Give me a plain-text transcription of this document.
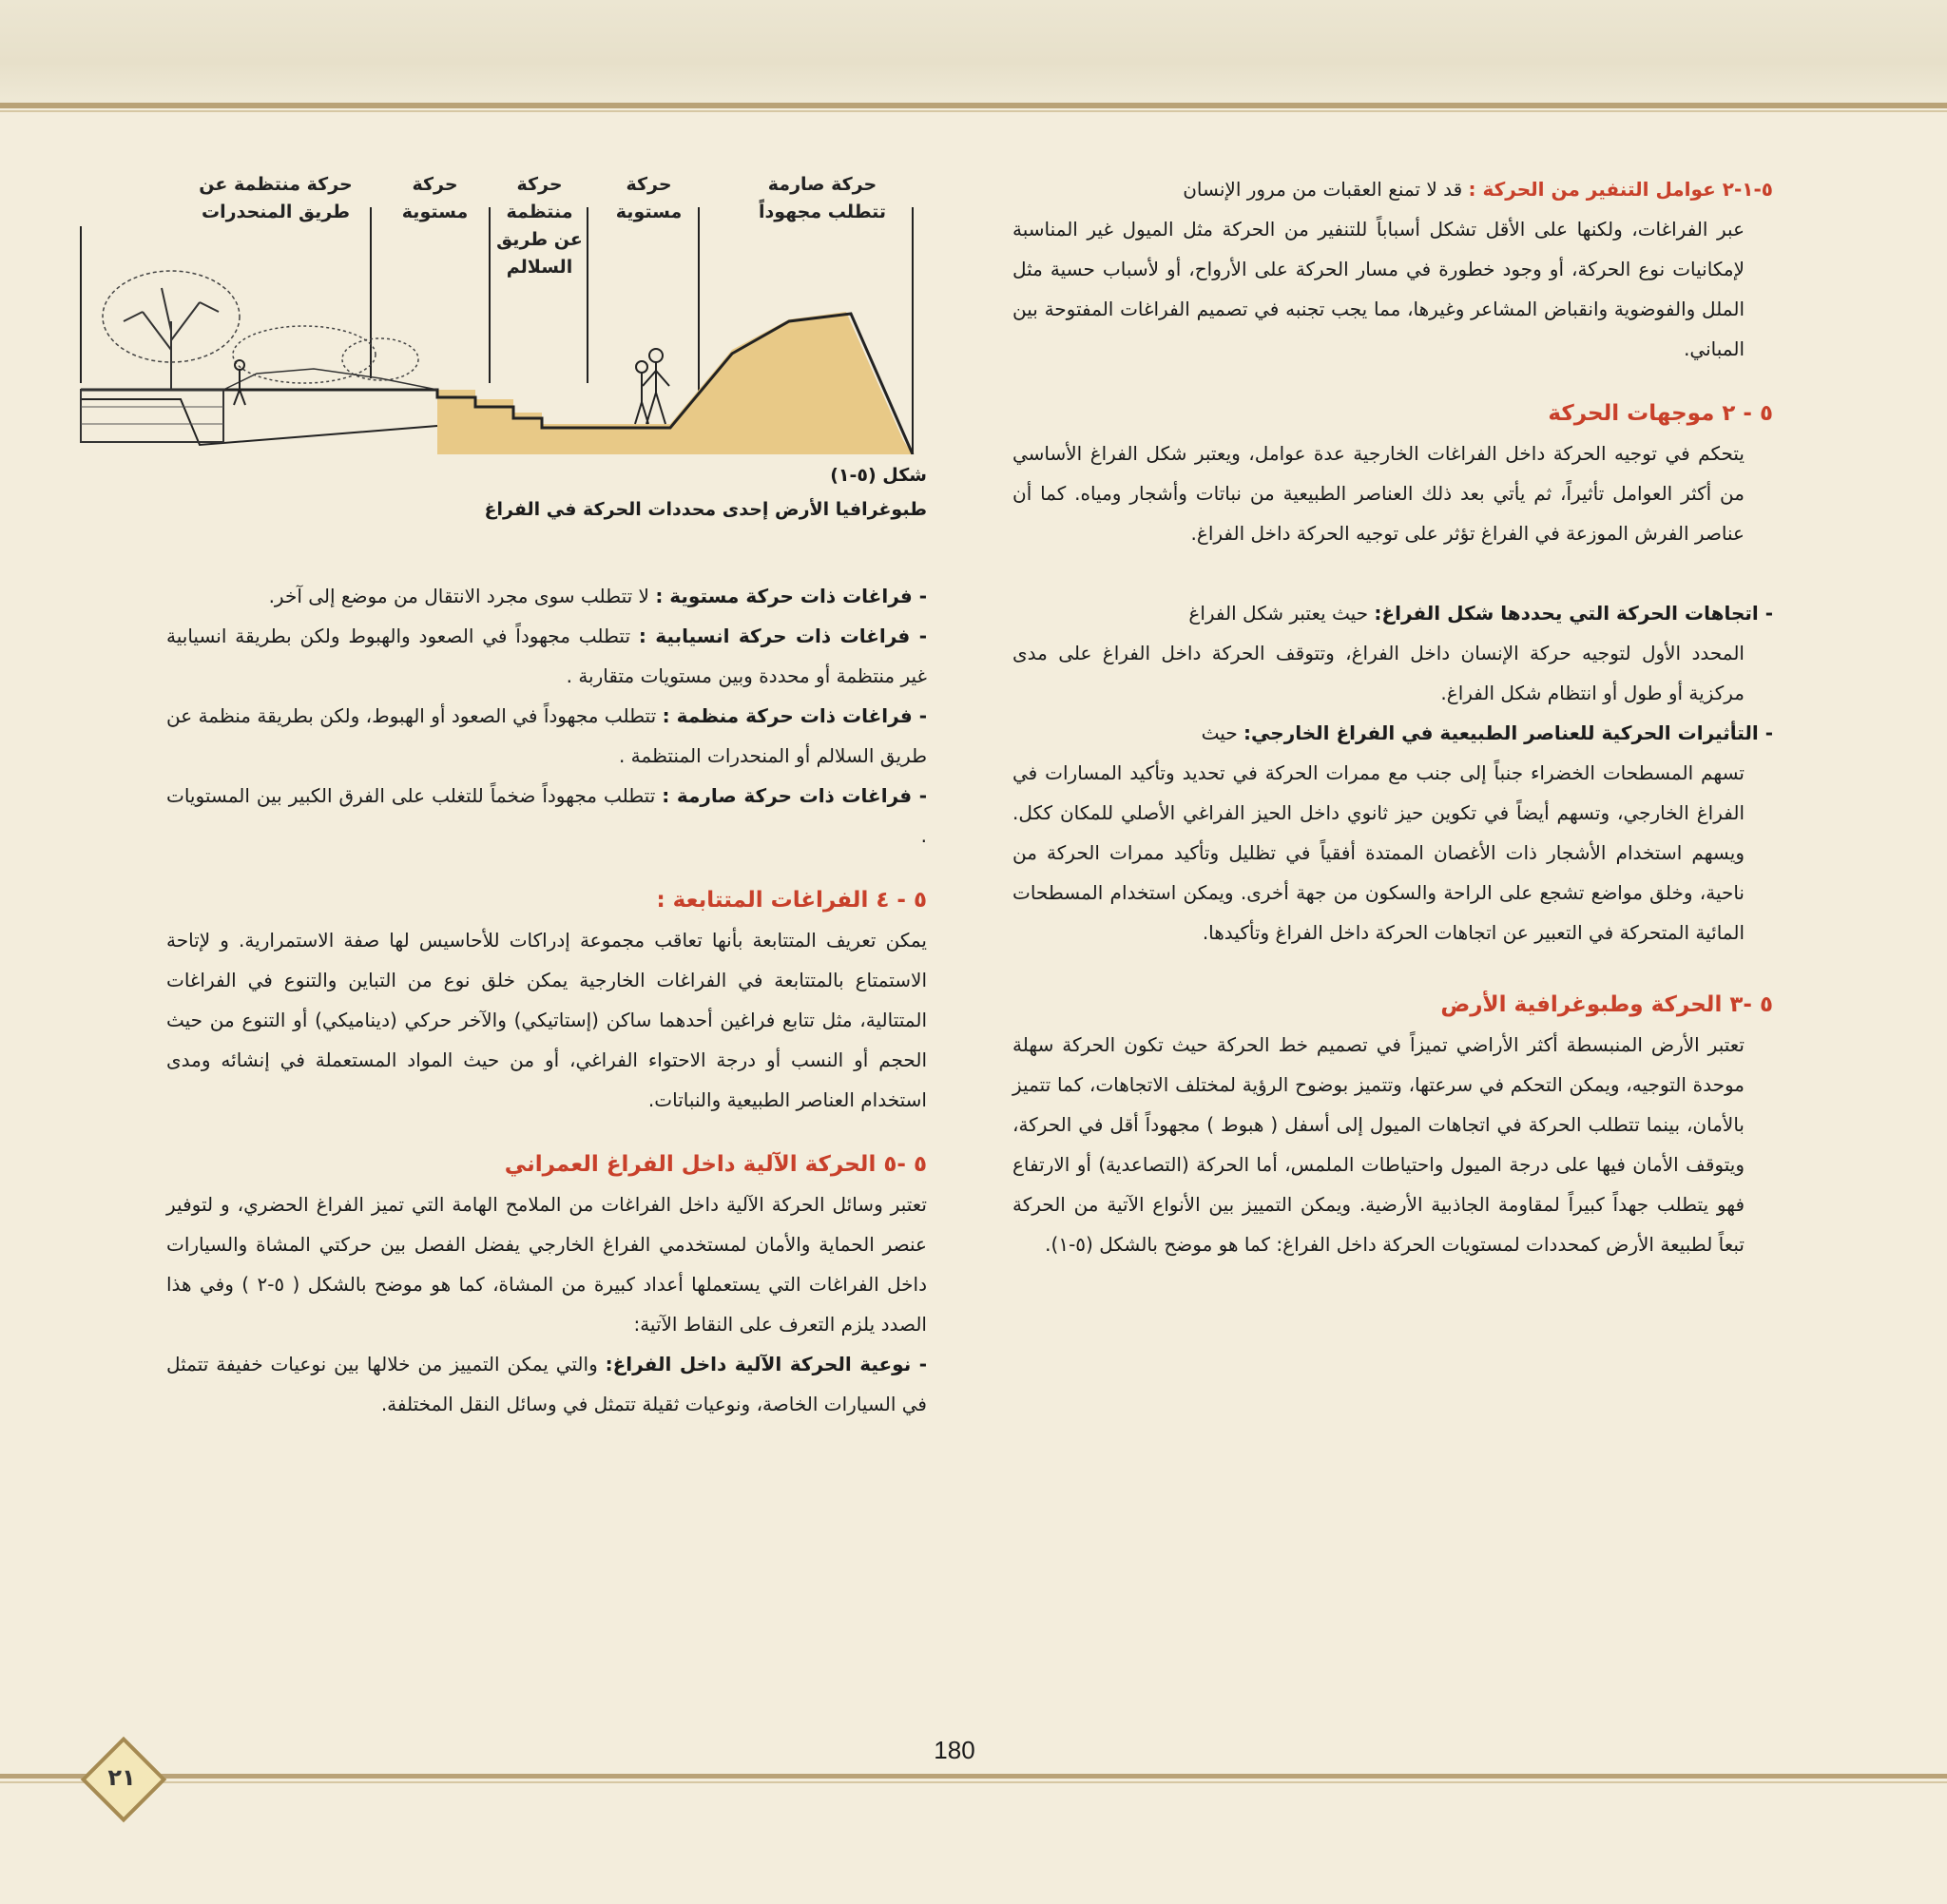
حركة صارمة
تتطلب مجهوداً
حركة
مستوية
حركة
منتظمة
عن طريق
السلالم
حركة
مستوية
حركة منتظمة عن
طريق المنحدرات
شكل (٥-١)
طبوغرافيا الأرض إحدى محددات الحركة في الفراغ

٥-١-٢ عوامل التنفير من الحركة : قد لا تمنع العقبات من مرور الإنسان

عبر الفراغات، ولكنها على الأقل تشكل أسباباً للتنفير من الحركة مثل الميول غير المناسبة لإمكانيات نوع الحركة، أو وجود خطورة في مسار الحركة على الأرواح، أو لأسباب حسية مثل الملل والفوضوية وانقباض المشاعر وغيرها، مما يجب تجنبه في تصميم الفراغات المفتوحة بين المباني.

٥ - ٢ موجهات الحركة

يتحكم في توجيه الحركة داخل الفراغات الخارجية عدة عوامل، ويعتبر شكل الفراغ الأساسي من أكثر العوامل تأثيراً، ثم يأتي بعد ذلك العناصر الطبيعية من نباتات وأشجار ومياه. كما أن عناصر الفرش الموزعة في الفراغ تؤثر على توجيه الحركة داخل الفراغ.

- اتجاهات الحركة التي يحددها شكل الفراغ: حيث يعتبر شكل الفراغ

المحدد الأول لتوجيه حركة الإنسان داخل الفراغ، وتتوقف الحركة داخل الفراغ على مدى مركزية أو طول أو انتظام شكل الفراغ.

- التأثيرات الحركية للعناصر الطبيعية في الفراغ الخارجي: حيث

تسهم المسطحات الخضراء جنباً إلى جنب مع ممرات الحركة في تحديد وتأكيد المسارات في الفراغ الخارجي، وتسهم أيضاً في تكوين حيز ثانوي داخل الحيز الفراغي الأصلي للمكان ككل. ويسهم استخدام الأشجار ذات الأغصان الممتدة أفقياً في تظليل وتأكيد ممرات الحركة من ناحية، وخلق مواضع تشجع على الراحة والسكون من جهة أخرى. ويمكن استخدام المسطحات المائية المتحركة في التعبير عن اتجاهات الحركة داخل الفراغ وتأكيدها.

٥ -٣ الحركة وطبوغرافية الأرض

تعتبر الأرض المنبسطة أكثر الأراضي تميزاً في تصميم خط الحركة حيث تكون الحركة سهلة موحدة التوجيه، ويمكن التحكم في سرعتها، وتتميز بوضوح الرؤية لمختلف الاتجاهات، كما تتميز بالأمان، بينما تتطلب الحركة في اتجاهات الميول إلى أسفل ( هبوط ) مجهوداً أقل في الحركة، ويتوقف الأمان فيها على درجة الميول واحتياطات الملمس، أما الحركة (التصاعدية) أو الارتفاع فهو يتطلب جهداً كبيراً لمقاومة الجاذبية الأرضية. ويمكن التمييز بين الأنواع الآتية من الحركة تبعاً لطبيعة الأرض كمحددات لمستويات الحركة داخل الفراغ: كما هو موضح بالشكل (٥-١).

- فراغات ذات حركة مستوية : لا تتطلب سوى مجرد الانتقال من موضع إلى آخر.

- فراغات ذات حركة انسيابية : تتطلب مجهوداً في الصعود والهبوط ولكن بطريقة انسيابية غير منتظمة أو محددة وبين مستويات متقاربة .

- فراغات ذات حركة منظمة : تتطلب مجهوداً في الصعود أو الهبوط، ولكن بطريقة منظمة عن طريق السلالم أو المنحدرات المنتظمة .

- فراغات ذات حركة صارمة : تتطلب مجهوداً ضخماً للتغلب على الفرق الكبير بين المستويات .

٥ - ٤ الفراغات المتتابعة :

يمكن تعريف المتتابعة بأنها تعاقب مجموعة إدراكات للأحاسيس لها صفة الاستمرارية. و لإتاحة الاستمتاع بالمتتابعة في الفراغات الخارجية يمكن خلق نوع من التباين والتنوع في الفراغات المتتالية، مثل تتابع فراغين أحدهما ساكن (إستاتيكي) والآخر حركي (ديناميكي) أو التنوع من حيث الحجم أو النسب أو درجة الاحتواء الفراغي، أو من حيث المواد المستعملة في إنشائه ومدى استخدام العناصر الطبيعية والنباتات.

٥ -٥ الحركة الآلية داخل الفراغ العمراني

تعتبر وسائل الحركة الآلية داخل الفراغات من الملامح الهامة التي تميز الفراغ الحضري، و لتوفير عنصر الحماية والأمان لمستخدمي الفراغ الخارجي يفضل الفصل بين حركتي المشاة والسيارات داخل الفراغات التي يستعملها أعداد كبيرة من المشاة، كما هو موضح بالشكل ( ٥-٢ ) وفي هذا الصدد يلزم التعرف على النقاط الآتية:

- نوعية الحركة الآلية داخل الفراغ: والتي يمكن التمييز من خلالها بين نوعيات خفيفة تتمثل في السيارات الخاصة، ونوعيات ثقيلة تتمثل في وسائل النقل المختلفة.

180
٢١
